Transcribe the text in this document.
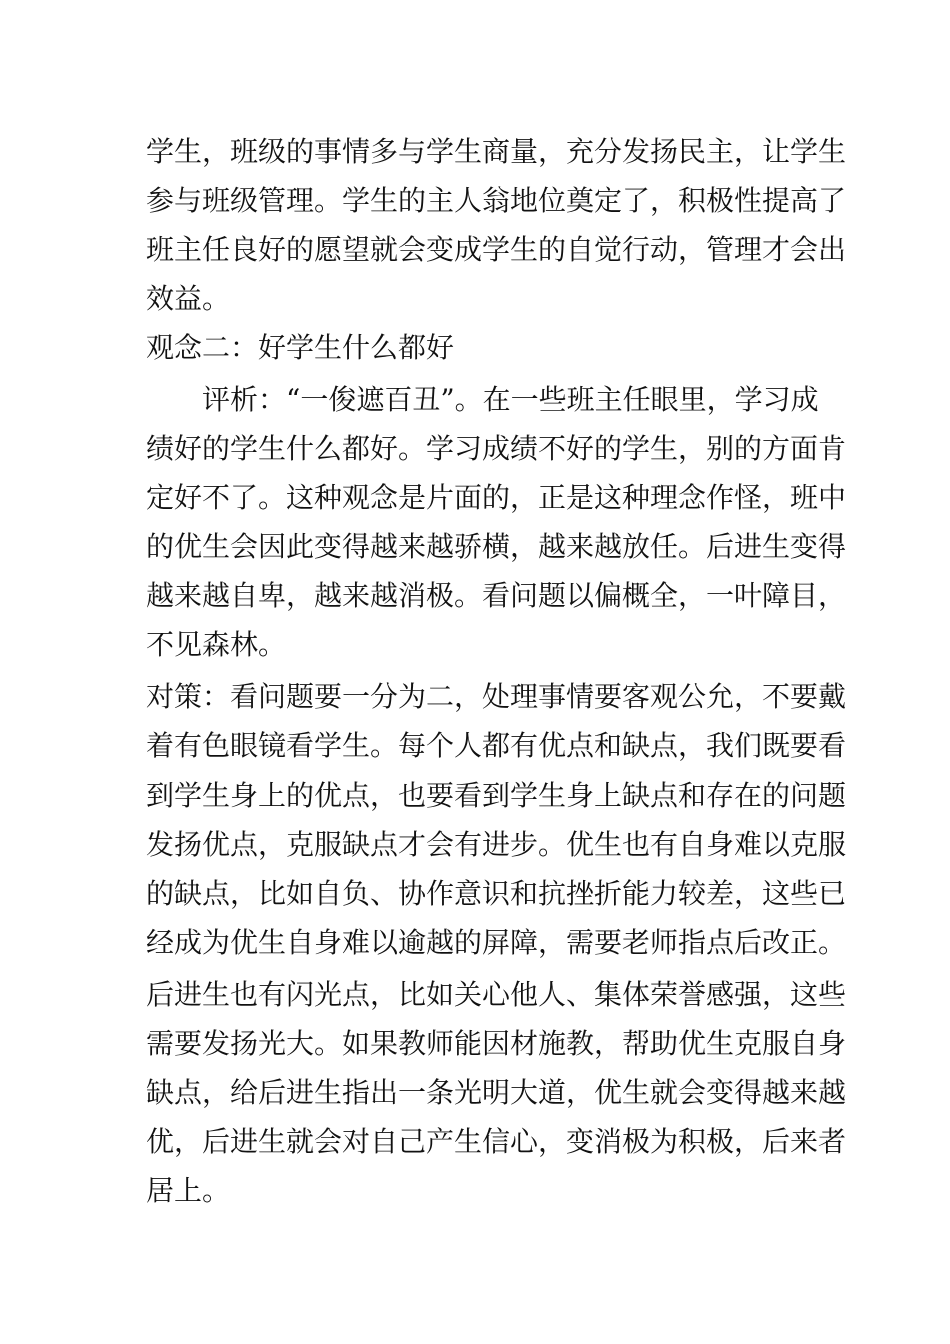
学生，班级的事情多与学生商量，充分发扬民主，让学生
参与班级管理。学生的主人翁地位奠定了，积极性提高了
班主任良好的愿望就会变成学生的自觉行动，管理才会出
效益。
观念二：好学生什么都好
评析：“一俊遮百丑”。在一些班主任眼里，学习成
绩好的学生什么都好。学习成绩不好的学生，别的方面肯
定好不了。这种观念是片面的，正是这种理念作怪，班中
的优生会因此变得越来越骄横，越来越放任。后进生变得
越来越自卑，越来越消极。看问题以偏概全，一叶障目，
不见森林。
对策：看问题要一分为二，处理事情要客观公允，不要戴
着有色眼镜看学生。每个人都有优点和缺点，我们既要看
到学生身上的优点，也要看到学生身上缺点和存在的问题
发扬优点，克服缺点才会有进步。优生也有自身难以克服
的缺点，比如自负、协作意识和抗挫折能力较差，这些已
经成为优生自身难以逾越的屏障，需要老师指点后改正。
后进生也有闪光点，比如关心他人、集体荣誉感强，这些
需要发扬光大。如果教师能因材施教，帮助优生克服自身
缺点，给后进生指出一条光明大道，优生就会变得越来越
优，后进生就会对自己产生信心，变消极为积极，后来者
居上。
